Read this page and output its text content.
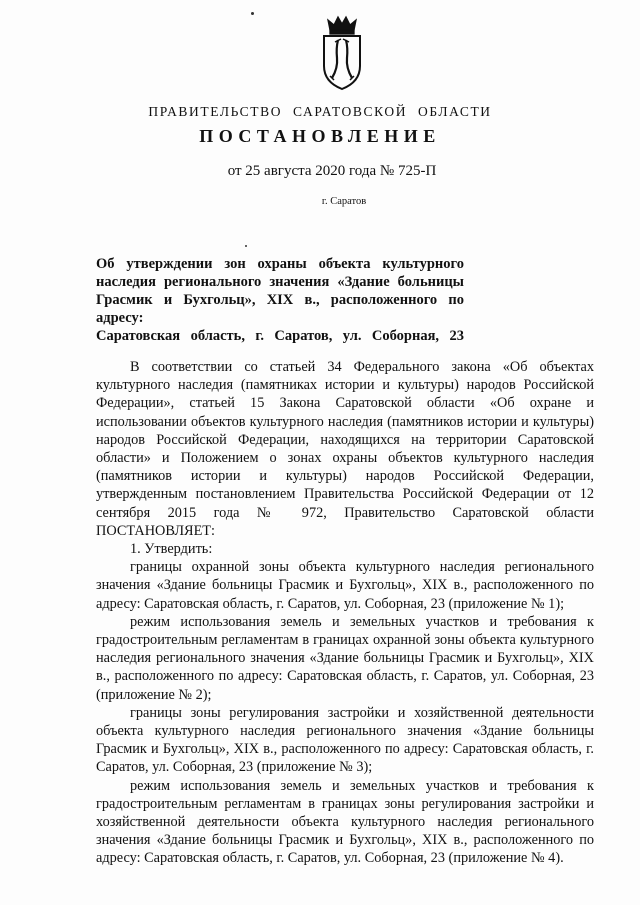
ПРАВИТЕЛЬСТВО САРАТОВСКОЙ ОБЛАСТИ
ПОСТАНОВЛЕНИЕ
от 25 августа 2020 года № 725-П
г. Саратов
Об утверждении зон охраны объекта культурного
наследия регионального значения «Здание больницы
Грасмик и Бухгольц», XIX в., расположенного по адресу:
Саратовская область, г. Саратов, ул. Соборная, 23

В соответствии со статьей 34 Федерального закона «Об объектах культурного наследия (памятниках истории и культуры) народов Российской Федерации», статьей 15 Закона Саратовской области «Об охране и использовании объектов культурного наследия (памятников истории и культуры) народов Российской Федерации, находящихся на территории Саратовской области» и Положением о зонах охраны объектов культурного наследия (памятников истории и культуры) народов Российской Федерации, утвержденным постановлением Правительства Российской Федерации от 12 сентября 2015 года № 972, Правительство Саратовской области ПОСТАНОВЛЯЕТ:

1. Утвердить:

границы охранной зоны объекта культурного наследия регионального значения «Здание больницы Грасмик и Бухгольц», XIX в., расположенного по адресу: Саратовская область, г. Саратов, ул. Соборная, 23 (приложение № 1);

режим использования земель и земельных участков и требования к градостроительным регламентам в границах охранной зоны объекта культурного наследия регионального значения «Здание больницы Грасмик и Бухгольц», XIX в., расположенного по адресу: Саратовская область, г. Саратов, ул. Соборная, 23 (приложение № 2);

границы зоны регулирования застройки и хозяйственной деятельности объекта культурного наследия регионального значения «Здание больницы Грасмик и Бухгольц», XIX в., расположенного по адресу: Саратовская область, г. Саратов, ул. Соборная, 23 (приложение № 3);

режим использования земель и земельных участков и требования к градостроительным регламентам в границах зоны регулирования застройки и хозяйственной деятельности объекта культурного наследия регионального значения «Здание больницы Грасмик и Бухгольц», XIX в., расположенного по адресу: Саратовская область, г. Саратов, ул. Соборная, 23 (приложение № 4).
